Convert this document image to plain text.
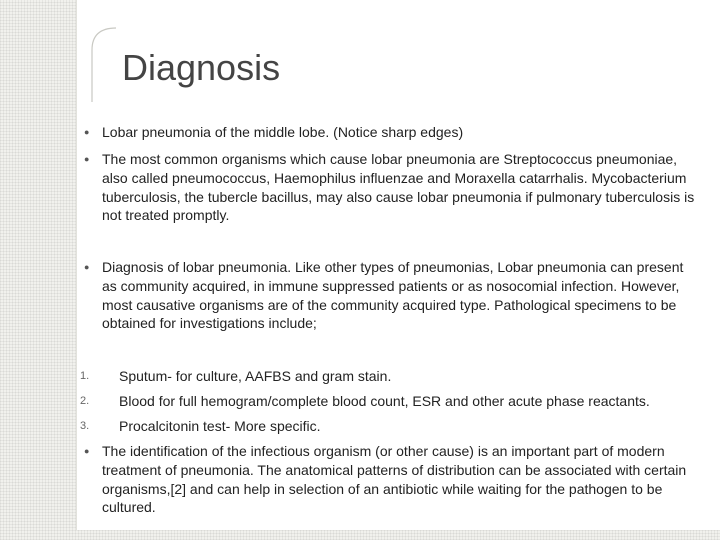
Diagnosis
● Lobar pneumonia of the middle lobe. (Notice sharp edges)

● The most common organisms which cause lobar pneumonia are Streptococcus pneumoniae, also called pneumococcus, Haemophilus influenzae and Moraxella catarrhalis. Mycobacterium tuberculosis, the tubercle bacillus, may also cause lobar pneumonia if pulmonary tuberculosis is not treated promptly.

● Diagnosis of lobar pneumonia. Like other types of pneumonias, Lobar pneumonia can present as community acquired, in immune suppressed patients or as nosocomial infection. However, most causative organisms are of the community acquired type. Pathological specimens to be obtained for investigations include;

1.	Sputum- for culture, AAFBS and gram stain.

2.	Blood for full hemogram/complete blood count, ESR and other acute phase reactants.

3.	Procalcitonin test- More specific.

● The identification of the infectious organism (or other cause) is an important part of modern treatment of pneumonia. The anatomical patterns of distribution can be associated with certain organisms,[2] and can help in selection of an antibiotic while waiting for the pathogen to be cultured.
